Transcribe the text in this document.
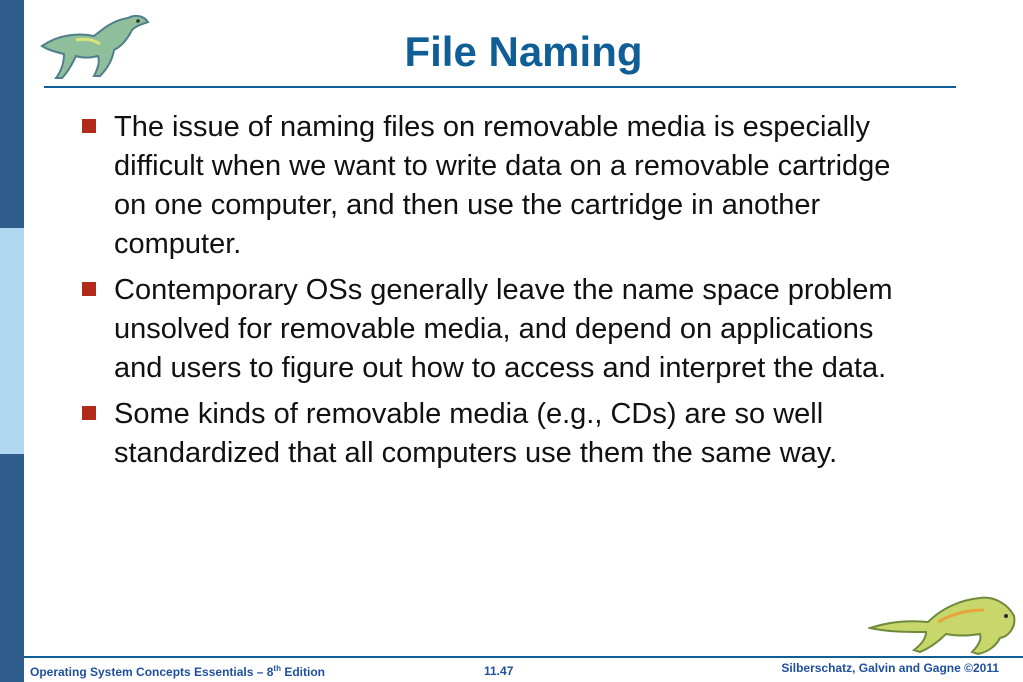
File Naming
The issue of naming files on removable media is especially difficult when we want to write data on a removable cartridge on one computer, and then use the cartridge in another computer.
Contemporary OSs generally leave the name space problem unsolved for removable media, and depend on applications and users to figure out how to access and interpret the data.
Some kinds of removable media (e.g., CDs) are so well standardized that all computers use them the same way.
Operating System Concepts Essentials – 8th Edition	11.47	Silberschatz, Galvin and Gagne ©2011
